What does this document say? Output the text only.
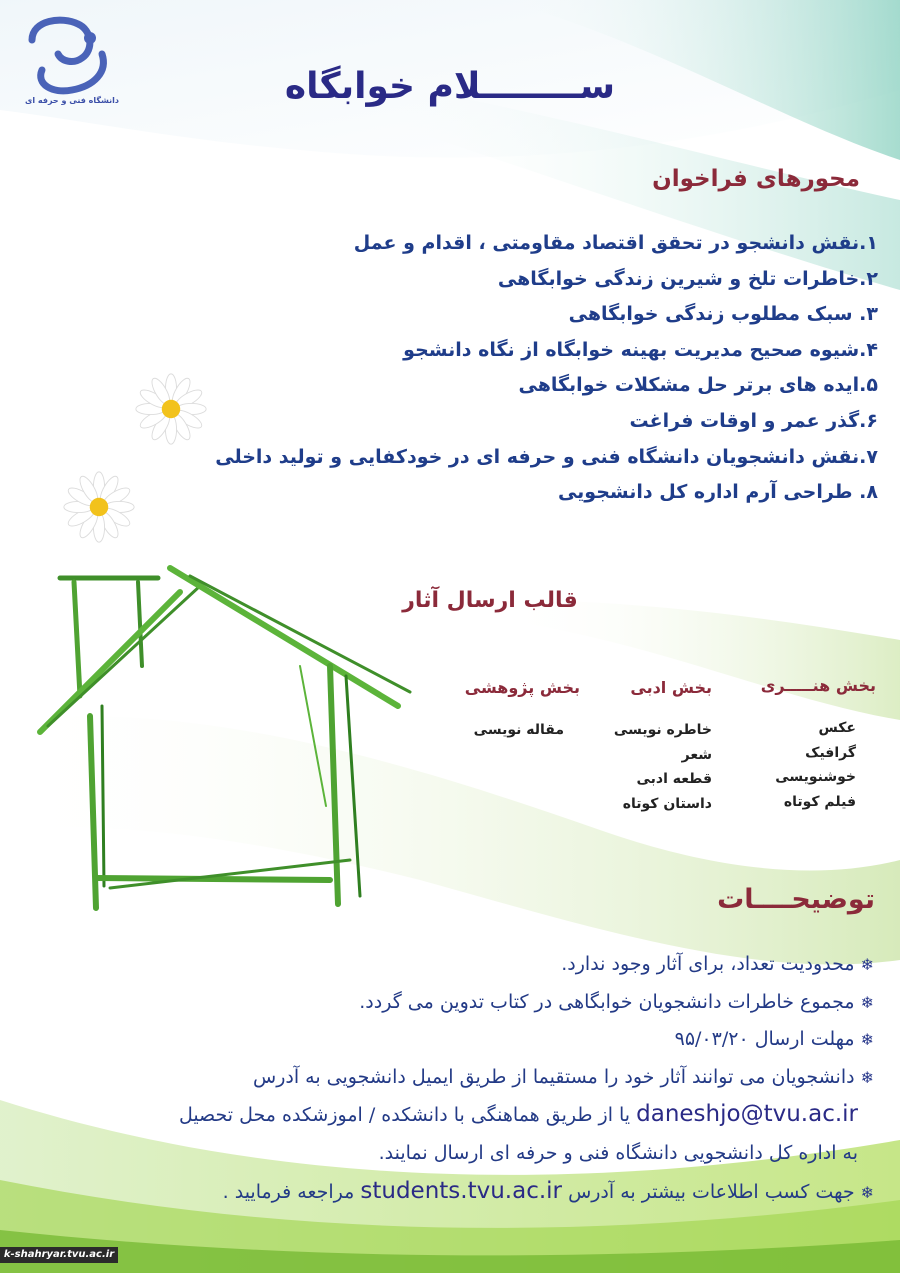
دانشگاه فنی و حرفه ای	ســــــــلام خوابگاه
محورهای فراخوان
۱.نقش دانشجو در تحقق اقتصاد مقاومتی ، اقدام و عمل
۲.خاطرات تلخ و شیرین زندگی خوابگاهی
۳. سبک مطلوب زندگی خوابگاهی
۴.شیوه صحیح مدیریت بهینه خوابگاه از نگاه دانشجو
۵.ایده های برتر حل مشکلات خوابگاهی
۶.گذر عمر و اوقات فراغت
۷.نقش دانشجویان دانشگاه فنی و حرفه ای در خودکفایی و تولید داخلی
۸. طراحی آرم اداره کل دانشجویی
قالب ارسال آثار
بخش هنـــــری
عکس
گرافیک
خوشنویسی
فیلم کوتاه
بخش ادبی
خاطره نویسی
شعر
قطعه ادبی
داستان کوتاه
بخش پژوهشی
مقاله نویسی
توضیحــــات
❄محدودیت تعداد، برای آثار وجود ندارد.
❄مجموع خاطرات دانشجویان خوابگاهی در کتاب تدوین می گردد.
❄مهلت ارسال ۹۵/۰۳/۲۰
❄دانشجویان می توانند آثار خود را مستقیما از طریق ایمیل دانشجویی به آدرس
daneshjo@tvu.ac.ir یا از طریق هماهنگی با دانشکده / اموزشکده محل تحصیل
به اداره کل دانشجویی دانشگاه فنی و حرفه ای ارسال نمایند.
❄جهت کسب اطلاعات بیشتر به آدرس students.tvu.ac.ir مراجعه فرمایید .
k-shahryar.tvu.ac.ir
